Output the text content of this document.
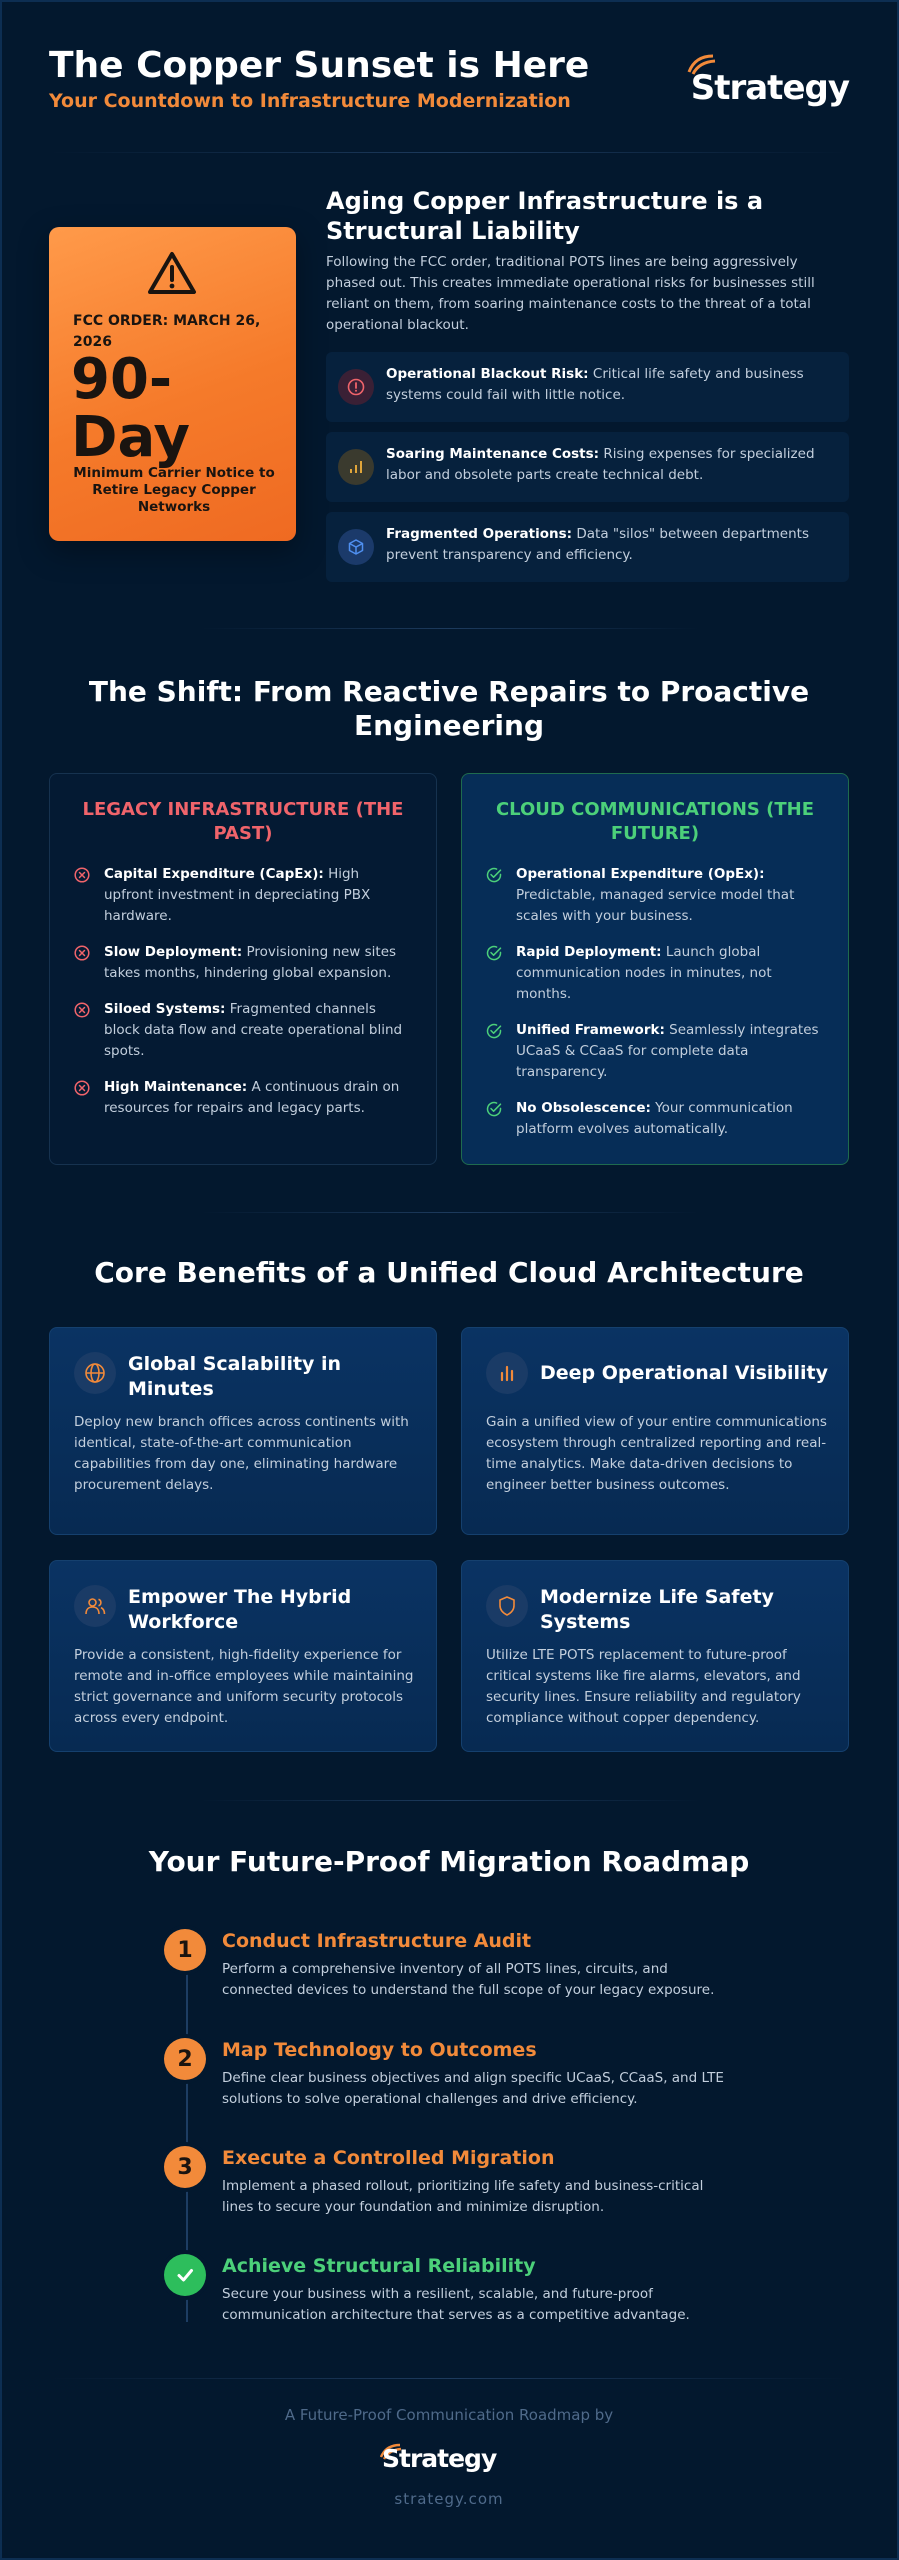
The Copper Sunset is Here
Your Countdown to Infrastructure Modernization	Strategy
FCC ORDER: MARCH 26, 2026
90-Day
Minimum Carrier Notice to Retire Legacy Copper Networks
Aging Copper Infrastructure is a Structural Liability
Following the FCC order, traditional POTS lines are being aggressively phased out. This creates immediate operational risks for businesses still reliant on them, from soaring maintenance costs to the threat of a total operational blackout.
Operational Blackout Risk: Critical life safety and business systems could fail with little notice.
Soaring Maintenance Costs: Rising expenses for specialized labor and obsolete parts create technical debt.
Fragmented Operations: Data "silos" between departments prevent transparency and efficiency.
The Shift: From Reactive Repairs to Proactive Engineering
LEGACY INFRASTRUCTURE (THE PAST)
Capital Expenditure (CapEx): High upfront investment in depreciating PBX hardware.
Slow Deployment: Provisioning new sites takes months, hindering global expansion.
Siloed Systems: Fragmented channels block data flow and create operational blind spots.
High Maintenance: A continuous drain on resources for repairs and legacy parts.
CLOUD COMMUNICATIONS (THE FUTURE)
Operational Expenditure (OpEx): Predictable, managed service model that scales with your business.
Rapid Deployment: Launch global communication nodes in minutes, not months.
Unified Framework: Seamlessly integrates UCaaS & CCaaS for complete data transparency.
No Obsolescence: Your communication platform evolves automatically.
Core Benefits of a Unified Cloud Architecture
Global Scalability in Minutes
Deploy new branch offices across continents with identical, state-of-the-art communication capabilities from day one, eliminating hardware procurement delays.
Deep Operational Visibility
Gain a unified view of your entire communications ecosystem through centralized reporting and real-time analytics. Make data-driven decisions to engineer better business outcomes.
Empower The Hybrid Workforce
Provide a consistent, high-fidelity experience for remote and in-office employees while maintaining strict governance and uniform security protocols across every endpoint.
Modernize Life Safety Systems
Utilize LTE POTS replacement to future-proof critical systems like fire alarms, elevators, and security lines. Ensure reliability and regulatory compliance without copper dependency.
Your Future-Proof Migration Roadmap
1	Conduct Infrastructure Audit
Perform a comprehensive inventory of all POTS lines, circuits, and connected devices to understand the full scope of your legacy exposure.
2	Map Technology to Outcomes
Define clear business objectives and align specific UCaaS, CCaaS, and LTE solutions to solve operational challenges and drive efficiency.
3	Execute a Controlled Migration
Implement a phased rollout, prioritizing life safety and business-critical lines to secure your foundation and minimize disruption.
Achieve Structural Reliability
Secure your business with a resilient, scalable, and future-proof communication architecture that serves as a competitive advantage.
A Future-Proof Communication Roadmap by
Strategy
strategy.com
